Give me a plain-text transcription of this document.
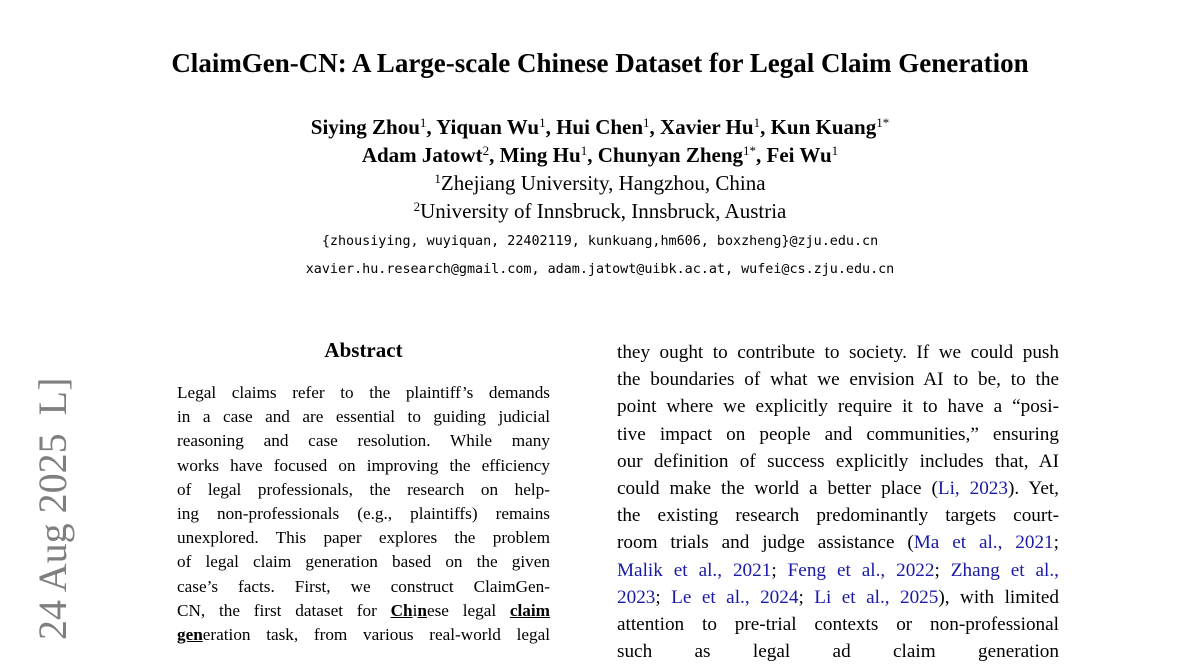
ClaimGen-CN: A Large-scale Chinese Dataset for Legal Claim Generation
Siying Zhou$^1$, Yiquan Wu$^1$, Hui Chen$^1$, Xavier Hu$^1$, Kun Kuang$^{1*}$
Adam Jatowt$^2$, Ming Hu$^1$, Chunyan Zheng$^{1*}$, Fei Wu$^1$
$^1$Zhejiang University, Hangzhou, China
$^2$University of Innsbruck, Innsbruck, Austria
{zhousiying, wuyiquan, 22402119, kunkuang,hm606, boxzheng}@zju.edu.cn
xavier.hu.research@gmail.com, adam.jatowt@uibk.ac.at, wufei@cs.zju.edu.cn
24 Aug 2025 L]
Abstract
Legal claims refer to the plaintiff’s demands
in a case and are essential to guiding judicial
reasoning and case resolution. While many
works have focused on improving the efficiency
of legal professionals, the research on help-
ing non-professionals (e.g., plaintiffs) remains
unexplored. This paper explores the problem
of legal claim generation based on the given
case’s facts. First, we construct ClaimGen-
CN, the first dataset for Chinese legal claim
generation task, from various real-world legal
they ought to contribute to society. If we could push
the boundaries of what we envision AI to be, to the
point where we explicitly require it to have a “posi-
tive impact on people and communities,” ensuring
our definition of success explicitly includes that, AI
could make the world a better place (Li, 2023). Yet,
the existing research predominantly targets court-
room trials and judge assistance (Ma et al., 2021;
Malik et al., 2021; Feng et al., 2022; Zhang et al.,
2023; Le et al., 2024; Li et al., 2025), with limited
attention to pre-trial contexts or non-professional
such as legal ad claim generation
